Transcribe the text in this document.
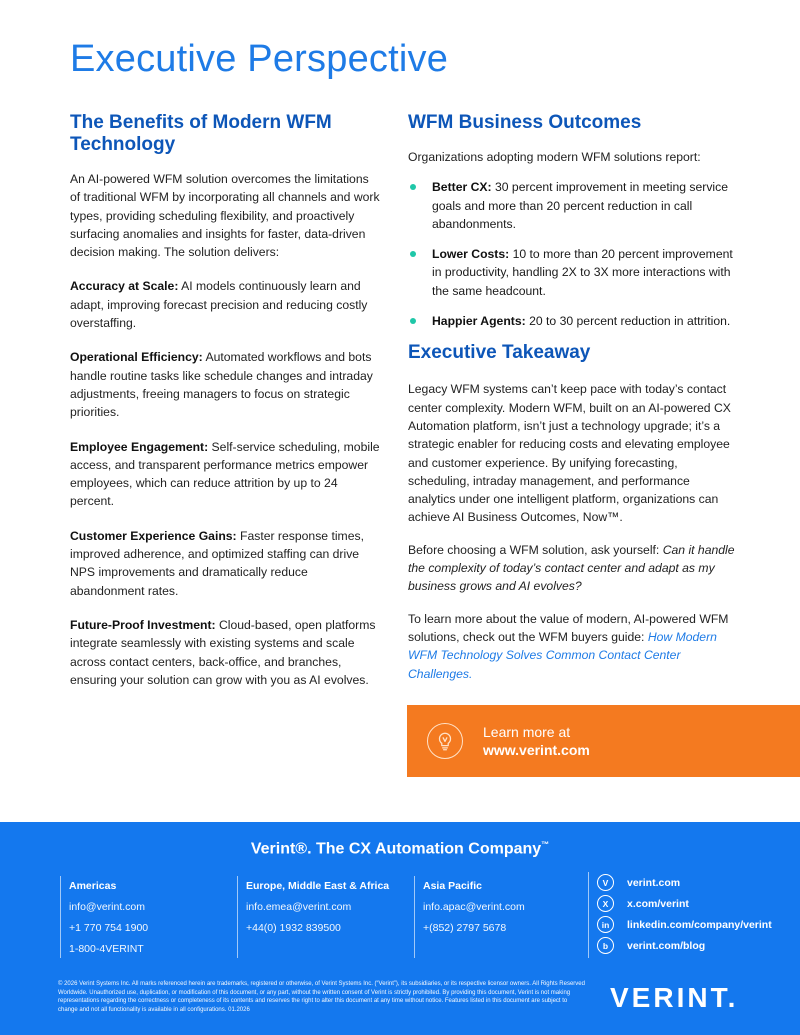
Executive Perspective
The Benefits of Modern WFM Technology

An AI-powered WFM solution overcomes the limitations of traditional WFM by incorporating all channels and work types, providing scheduling flexibility, and proactively surfacing anomalies and insights for faster, data-driven decision making. The solution delivers:

Accuracy at Scale: AI models continuously learn and adapt, improving forecast precision and reducing costly overstaffing.

Operational Efficiency: Automated workflows and bots handle routine tasks like schedule changes and intraday adjustments, freeing managers to focus on strategic priorities.

Employee Engagement: Self-service scheduling, mobile access, and transparent performance metrics empower employees, which can reduce attrition by up to 24 percent.

Customer Experience Gains: Faster response times, improved adherence, and optimized staffing can drive NPS improvements and dramatically reduce abandonment rates.

Future-Proof Investment: Cloud-based, open platforms integrate seamlessly with existing systems and scale across contact centers, back-office, and branches, ensuring your solution can grow with you as AI evolves.

WFM Business Outcomes

Organizations adopting modern WFM solutions report:

Better CX: 30 percent improvement in meeting service goals and more than 20 percent reduction in call abandonments.
Lower Costs: 10 to more than 20 percent improvement in productivity, handling 2X to 3X more interactions with the same headcount.
Happier Agents: 20 to 30 percent reduction in attrition.
Executive Takeaway

Legacy WFM systems can’t keep pace with today’s contact center complexity. Modern WFM, built on an AI-powered CX Automation platform, isn’t just a technology upgrade; it’s a strategic enabler for reducing costs and elevating employee and customer experience. By unifying forecasting, scheduling, intraday management, and performance analytics under one intelligent platform, organizations can achieve AI Business Outcomes, Now™.

Before choosing a WFM solution, ask yourself: Can it handle the complexity of today’s contact center and adapt as my business grows and AI evolves?

To learn more about the value of modern, AI-powered WFM solutions, check out the WFM buyers guide: How Modern WFM Technology Solves Common Contact Center Challenges.

Learn more at
www.verint.com
Verint®. The CX Automation Company™
Americas
info@verint.com
+1 770 754 1900
1-800-4VERINT
Europe, Middle East & Africa
info.emea@verint.com
+44(0) 1932 839500
Asia Pacific
info.apac@verint.com
+(852) 2797 5678
V	verint.com
X	x.com/verint
in	linkedin.com/company/verint
b	verint.com/blog
© 2026 Verint Systems Inc. All marks referenced herein are trademarks, registered or otherwise, of Verint Systems Inc. (“Verint”), its subsidiaries, or its respective licensor owners. All Rights Reserved Worldwide. Unauthorized use, duplication, or modification of this document, or any part, without the written consent of Verint is strictly prohibited. By providing this document, Verint is not making representations regarding the correctness or completeness of its contents and reserves the right to alter this document at any time without notice. Features listed in this document are subject to change and not all functionality is available in all configurations. 01.2026	VERINT.
